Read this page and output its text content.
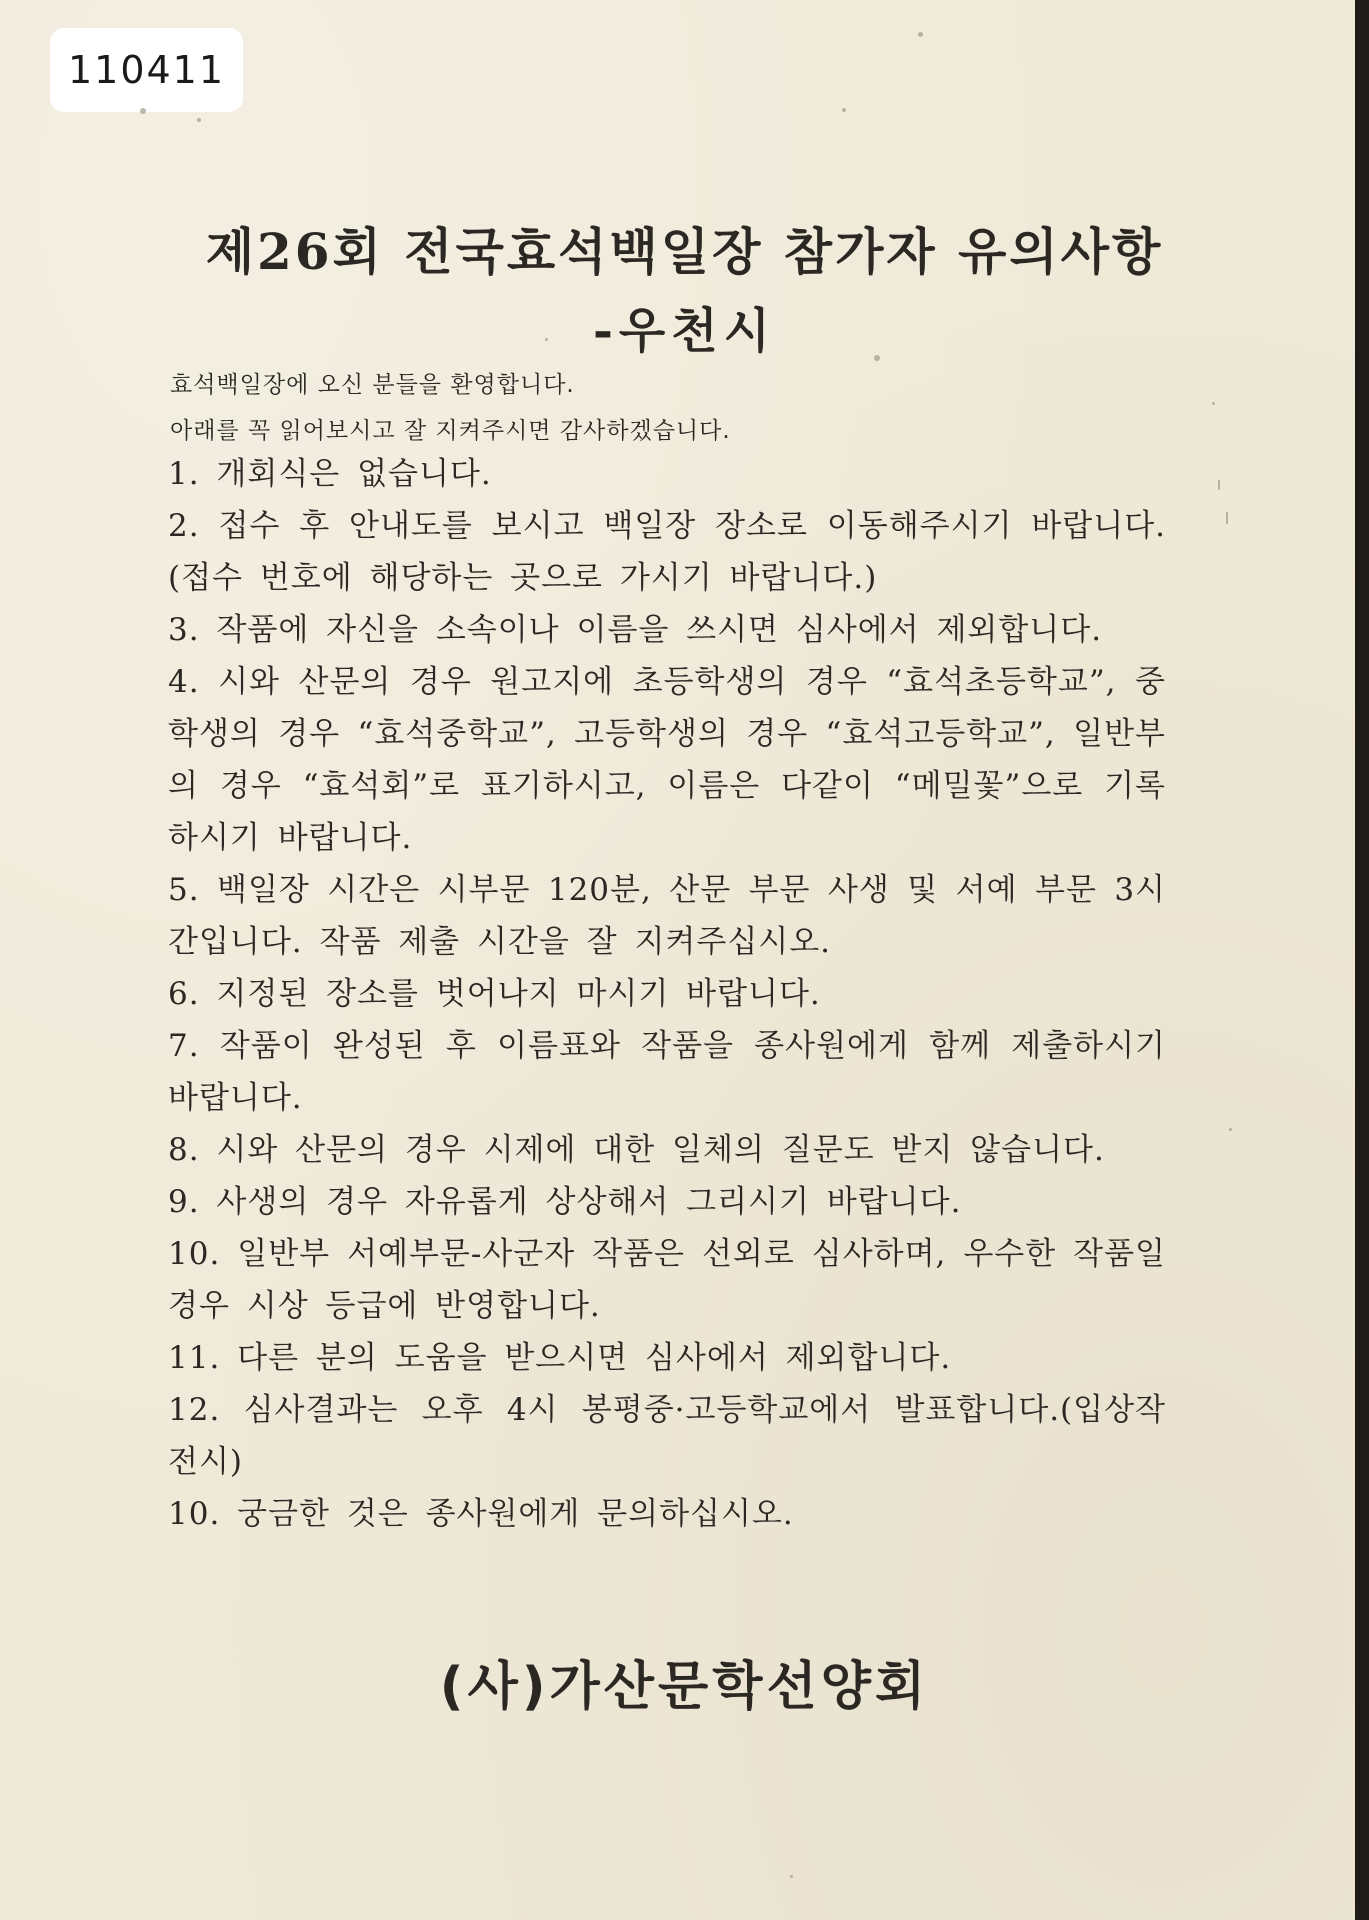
110411
제26회 전국효석백일장 참가자 유의사항
-우천시
효석백일장에 오신 분들을 환영합니다.
아래를 꼭 읽어보시고 잘 지켜주시면 감사하겠습니다.

1. 개회식은 없습니다.

2. 접수 후 안내도를 보시고 백일장 장소로 이동해주시기 바랍니다.(접수 번호에 해당하는 곳으로 가시기 바랍니다.)

3. 작품에 자신을 소속이나 이름을 쓰시면 심사에서 제외합니다.

4. 시와 산문의 경우 원고지에 초등학생의 경우 “효석초등학교”, 중학생의 경우 “효석중학교”, 고등학생의 경우 “효석고등학교”, 일반부의 경우 “효석회”로 표기하시고, 이름은 다같이 “메밀꽃”으로 기록하시기 바랍니다.

5. 백일장 시간은 시부문 120분, 산문 부문 사생 및 서예 부문 3시간입니다. 작품 제출 시간을 잘 지켜주십시오.

6. 지정된 장소를 벗어나지 마시기 바랍니다.

7. 작품이 완성된 후 이름표와 작품을 종사원에게 함께 제출하시기 바랍니다.

8. 시와 산문의 경우 시제에 대한 일체의 질문도 받지 않습니다.

9. 사생의 경우 자유롭게 상상해서 그리시기 바랍니다.

10. 일반부 서예부문-사군자 작품은 선외로 심사하며, 우수한 작품일 경우 시상 등급에 반영합니다.

11. 다른 분의 도움을 받으시면 심사에서 제외합니다.

12. 심사결과는 오후 4시 봉평중·고등학교에서 발표합니다.(입상작 전시)

10. 궁금한 것은 종사원에게 문의하십시오.

(사)가산문학선양회
